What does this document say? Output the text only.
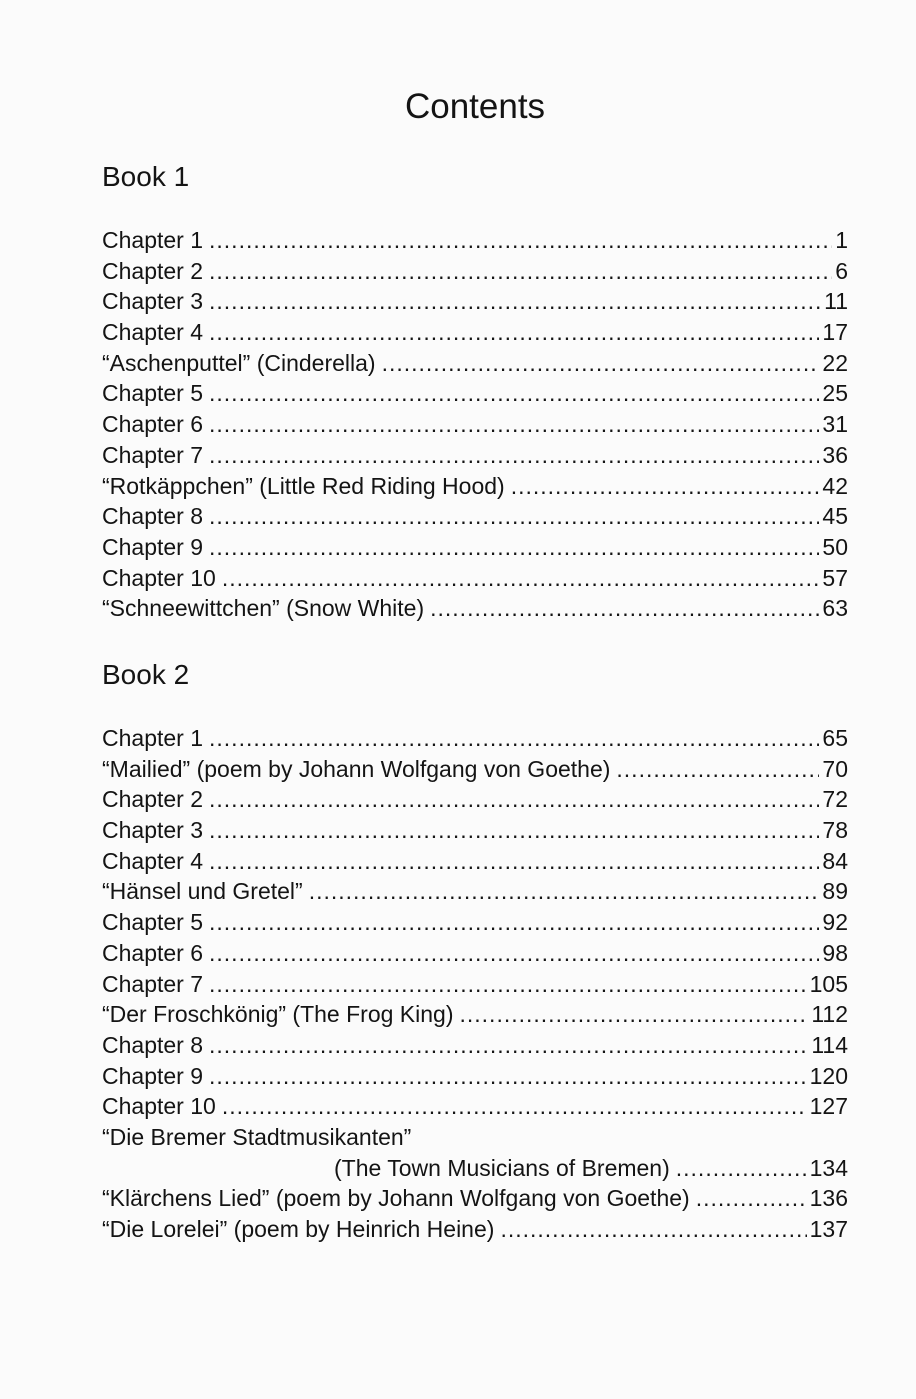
Contents
Book 1
Chapter 1 .....	1
Chapter 2 .....	6
Chapter 3 .....	11
Chapter 4 .....	17
“Aschenputtel” (Cinderella) .....	22
Chapter 5 .....	25
Chapter 6 .....	31
Chapter 7 .....	36
“Rotkäppchen” (Little Red Riding Hood) .....	42
Chapter 8 .....	45
Chapter 9 .....	50
Chapter 10 .....	57
“Schneewittchen” (Snow White) .....	63
Book 2
Chapter 1 .....	65
“Mailied” (poem by Johann Wolfgang von Goethe) .....	70
Chapter 2 .....	72
Chapter 3 .....	78
Chapter 4 .....	84
“Hänsel und Gretel” .....	89
Chapter 5 .....	92
Chapter 6 .....	98
Chapter 7 .....	105
“Der Froschkönig” (The Frog King) .....	112
Chapter 8 .....	114
Chapter 9 .....	120
Chapter 10 .....	127
“Die Bremer Stadtmusikanten”
(The Town Musicians of Bremen) .....	134
“Klärchens Lied” (poem by Johann Wolfgang von Goethe) .....	136
“Die Lorelei” (poem by Heinrich Heine) .....	137
